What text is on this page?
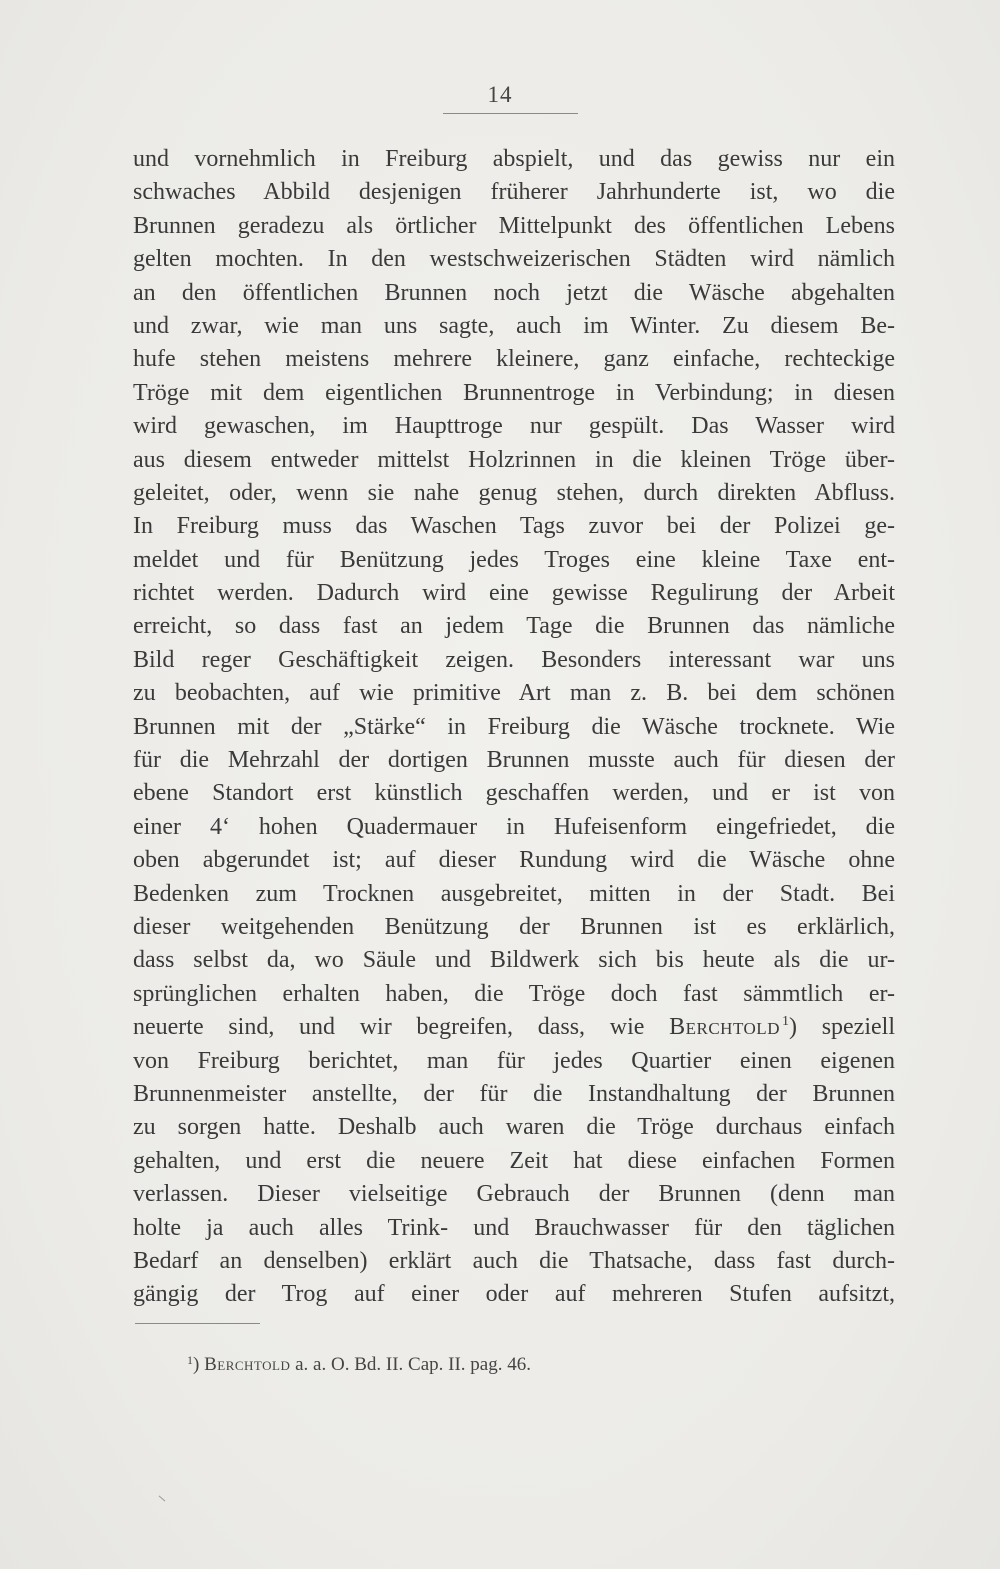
14
und vornehmlich in Freiburg abspielt, und das gewiss nur ein
schwaches Abbild desjenigen früherer Jahrhunderte ist, wo die
Brunnen geradezu als örtlicher Mittelpunkt des öffentlichen Lebens
gelten mochten. In den westschweizerischen Städten wird nämlich
an den öffentlichen Brunnen noch jetzt die Wäsche abgehalten
und zwar, wie man uns sagte, auch im Winter. Zu diesem Be-
hufe stehen meistens mehrere kleinere, ganz einfache, rechteckige
Tröge mit dem eigentlichen Brunnentroge in Verbindung; in diesen
wird gewaschen, im Haupttroge nur gespült. Das Wasser wird
aus diesem entweder mittelst Holzrinnen in die kleinen Tröge über-
geleitet, oder, wenn sie nahe genug stehen, durch direkten Abfluss.
In Freiburg muss das Waschen Tags zuvor bei der Polizei ge-
meldet und für Benützung jedes Troges eine kleine Taxe ent-
richtet werden. Dadurch wird eine gewisse Regulirung der Arbeit
erreicht, so dass fast an jedem Tage die Brunnen das nämliche
Bild reger Geschäftigkeit zeigen. Besonders interessant war uns
zu beobachten, auf wie primitive Art man z. B. bei dem schönen
Brunnen mit der „Stärke“ in Freiburg die Wäsche trocknete. Wie
für die Mehrzahl der dortigen Brunnen musste auch für diesen der
ebene Standort erst künstlich geschaffen werden, und er ist von
einer 4‘ hohen Quadermauer in Hufeisenform eingefriedet, die
oben abgerundet ist; auf dieser Rundung wird die Wäsche ohne
Bedenken zum Trocknen ausgebreitet, mitten in der Stadt. Bei
dieser weitgehenden Benützung der Brunnen ist es erklärlich,
dass selbst da, wo Säule und Bildwerk sich bis heute als die ur-
sprünglichen erhalten haben, die Tröge doch fast sämmtlich er-
neuerte sind, und wir begreifen, dass, wie Berchtold  $^1$) speziell
von Freiburg berichtet, man für jedes Quartier einen eigenen
Brunnenmeister anstellte, der für die Instandhaltung der Brunnen
zu sorgen hatte. Deshalb auch waren die Tröge durchaus einfach
gehalten, und erst die neuere Zeit hat diese einfachen Formen
verlassen. Dieser vielseitige Gebrauch der Brunnen (denn man
holte ja auch alles Trink- und Brauchwasser für den täglichen
Bedarf an denselben) erklärt auch die Thatsache, dass fast durch-
gängig der Trog auf einer oder auf mehreren Stufen aufsitzt,
$^1$) Berchtold a. a. O. Bd. II. Cap. II. pag. 46.
